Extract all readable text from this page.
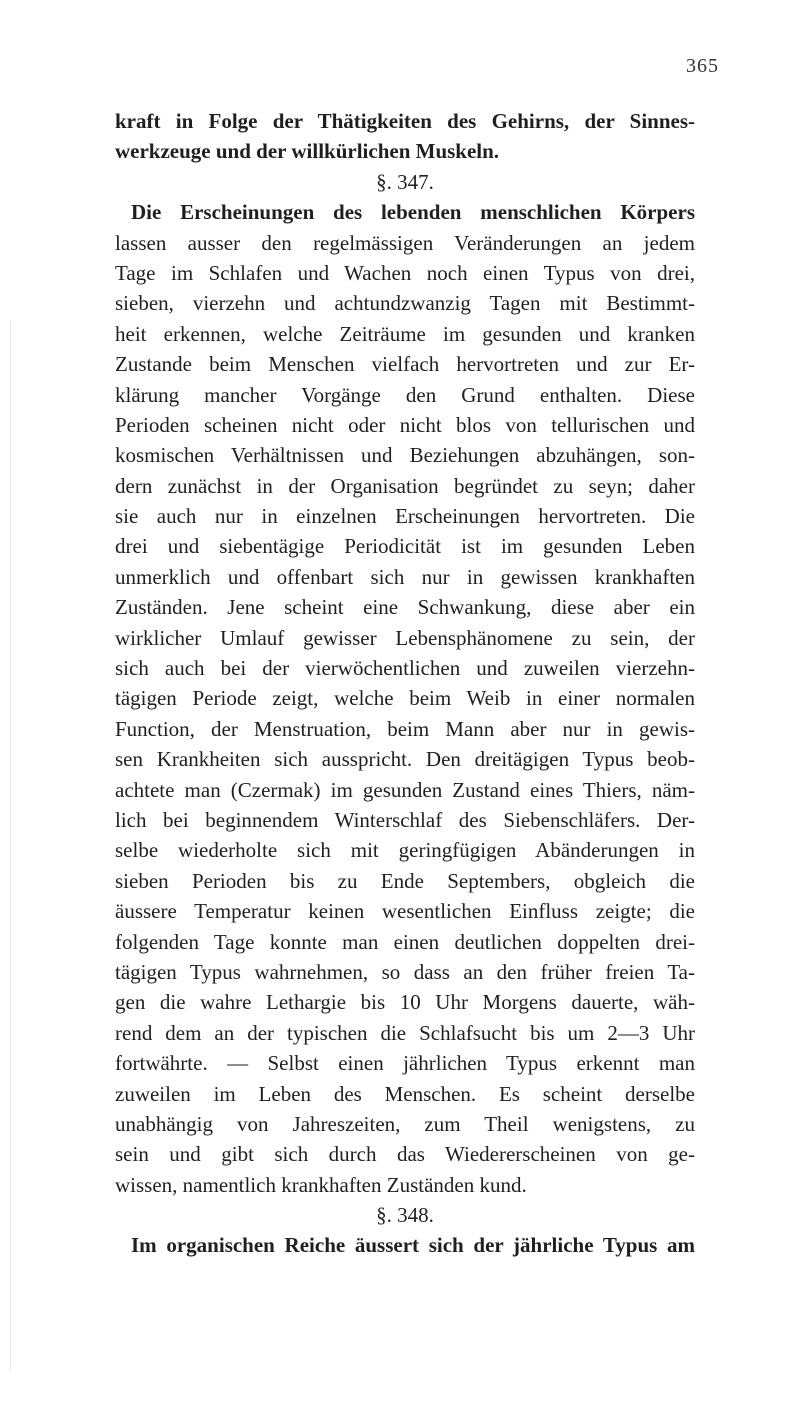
365
kraft in Folge der Thätigkeiten des Gehirns, der Sinnes-
werkzeuge und der willkürlichen Muskeln.
§. 347.
Die Erscheinungen des lebenden menschlichen Körpers
lassen ausser den regelmässigen Veränderungen an jedem
Tage im Schlafen und Wachen noch einen Typus von drei,
sieben, vierzehn und achtundzwanzig Tagen mit Bestimmt-
heit erkennen, welche Zeiträume im gesunden und kranken
Zustande beim Menschen vielfach hervortreten und zur Er-
klärung mancher Vorgänge den Grund enthalten. Diese
Perioden scheinen nicht oder nicht blos von tellurischen und
kosmischen Verhältnissen und Beziehungen abzuhängen, son-
dern zunächst in der Organisation begründet zu seyn; daher
sie auch nur in einzelnen Erscheinungen hervortreten. Die
drei und siebentägige Periodicität ist im gesunden Leben
unmerklich und offenbart sich nur in gewissen krankhaften
Zuständen. Jene scheint eine Schwankung, diese aber ein
wirklicher Umlauf gewisser Lebensphänomene zu sein, der
sich auch bei der vierwöchentlichen und zuweilen vierzehn-
tägigen Periode zeigt, welche beim Weib in einer normalen
Function, der Menstruation, beim Mann aber nur in gewis-
sen Krankheiten sich ausspricht. Den dreitägigen Typus beob-
achtete man (Czermak) im gesunden Zustand eines Thiers, näm-
lich bei beginnendem Winterschlaf des Siebenschläfers. Der-
selbe wiederholte sich mit geringfügigen Abänderungen in
sieben Perioden bis zu Ende Septembers, obgleich die
äussere Temperatur keinen wesentlichen Einfluss zeigte; die
folgenden Tage konnte man einen deutlichen doppelten drei-
tägigen Typus wahrnehmen, so dass an den früher freien Ta-
gen die wahre Lethargie bis 10 Uhr Morgens dauerte, wäh-
rend dem an der typischen die Schlafsucht bis um 2—3 Uhr
fortwährte. — Selbst einen jährlichen Typus erkennt man
zuweilen im Leben des Menschen. Es scheint derselbe
unabhängig von Jahreszeiten, zum Theil wenigstens, zu
sein und gibt sich durch das Wiedererscheinen von ge-
wissen, namentlich krankhaften Zuständen kund.
§. 348.
Im organischen Reiche äussert sich der jährliche Typus am
